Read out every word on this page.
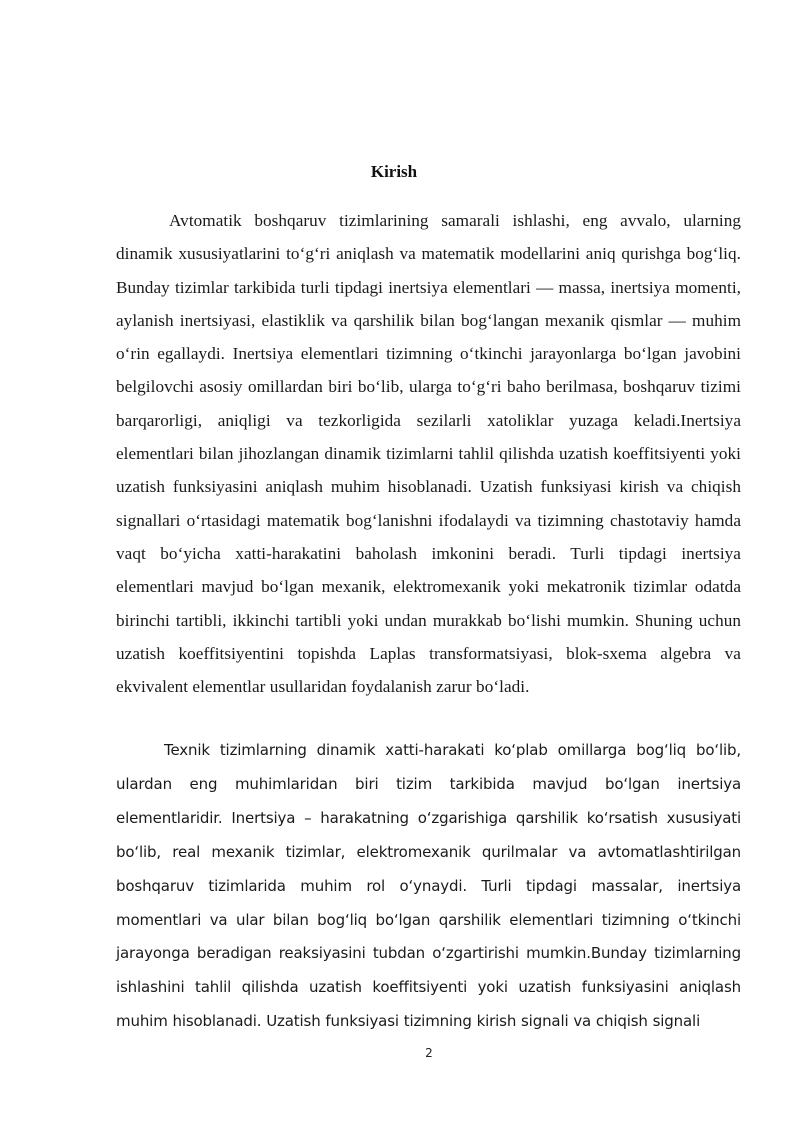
Kirish

Avtomatik boshqaruv tizimlarining samarali ishlashi, eng avvalo, ularning dinamik xususiyatlarini to‘g‘ri aniqlash va matematik modellarini aniq qurishga bog‘liq. Bunday tizimlar tarkibida turli tipdagi inertsiya elementlari — massa, inertsiya momenti, aylanish inertsiyasi, elastiklik va qarshilik bilan bog‘langan mexanik qismlar — muhim o‘rin egallaydi. Inertsiya elementlari tizimning o‘tkinchi jarayonlarga bo‘lgan javobini belgilovchi asosiy omillardan biri bo‘lib, ularga to‘g‘ri baho berilmasa, boshqaruv tizimi barqarorligi, aniqligi va tezkorligida sezilarli xatoliklar yuzaga keladi.Inertsiya elementlari bilan jihozlangan dinamik tizimlarni tahlil qilishda uzatish koeffitsiyenti yoki uzatish funksiyasini aniqlash muhim hisoblanadi. Uzatish funksiyasi kirish va chiqish signallari o‘rtasidagi matematik bog‘lanishni ifodalaydi va tizimning chastotaviy hamda vaqt bo‘yicha xatti-harakatini baholash imkonini beradi. Turli tipdagi inertsiya elementlari mavjud bo‘lgan mexanik, elektromexanik yoki mekatronik tizimlar odatda birinchi tartibli, ikkinchi tartibli yoki undan murakkab bo‘lishi mumkin. Shuning uchun uzatish koeffitsiyentini topishda Laplas transformatsiyasi, blok-sxema algebra va ekvivalent elementlar usullaridan foydalanish zarur bo‘ladi.

Texnik tizimlarning dinamik xatti-harakati ko‘plab omillarga bog‘liq bo‘lib, ulardan eng muhimlaridan biri tizim tarkibida mavjud bo‘lgan inertsiya elementlaridir. Inertsiya – harakatning o‘zgarishiga qarshilik ko‘rsatish xususiyati bo‘lib, real mexanik tizimlar, elektromexanik qurilmalar va avtomatlashtirilgan boshqaruv tizimlarida muhim rol o‘ynaydi. Turli tipdagi massalar, inertsiya momentlari va ular bilan bog‘liq bo‘lgan qarshilik elementlari tizimning o‘tkinchi jarayonga beradigan reaksiyasini tubdan o‘zgartirishi mumkin.Bunday tizimlarning ishlashini tahlil qilishda uzatish koeffitsiyenti yoki uzatish funksiyasini aniqlash muhim hisoblanadi. Uzatish funksiyasi tizimning kirish signali va chiqish signali

2
